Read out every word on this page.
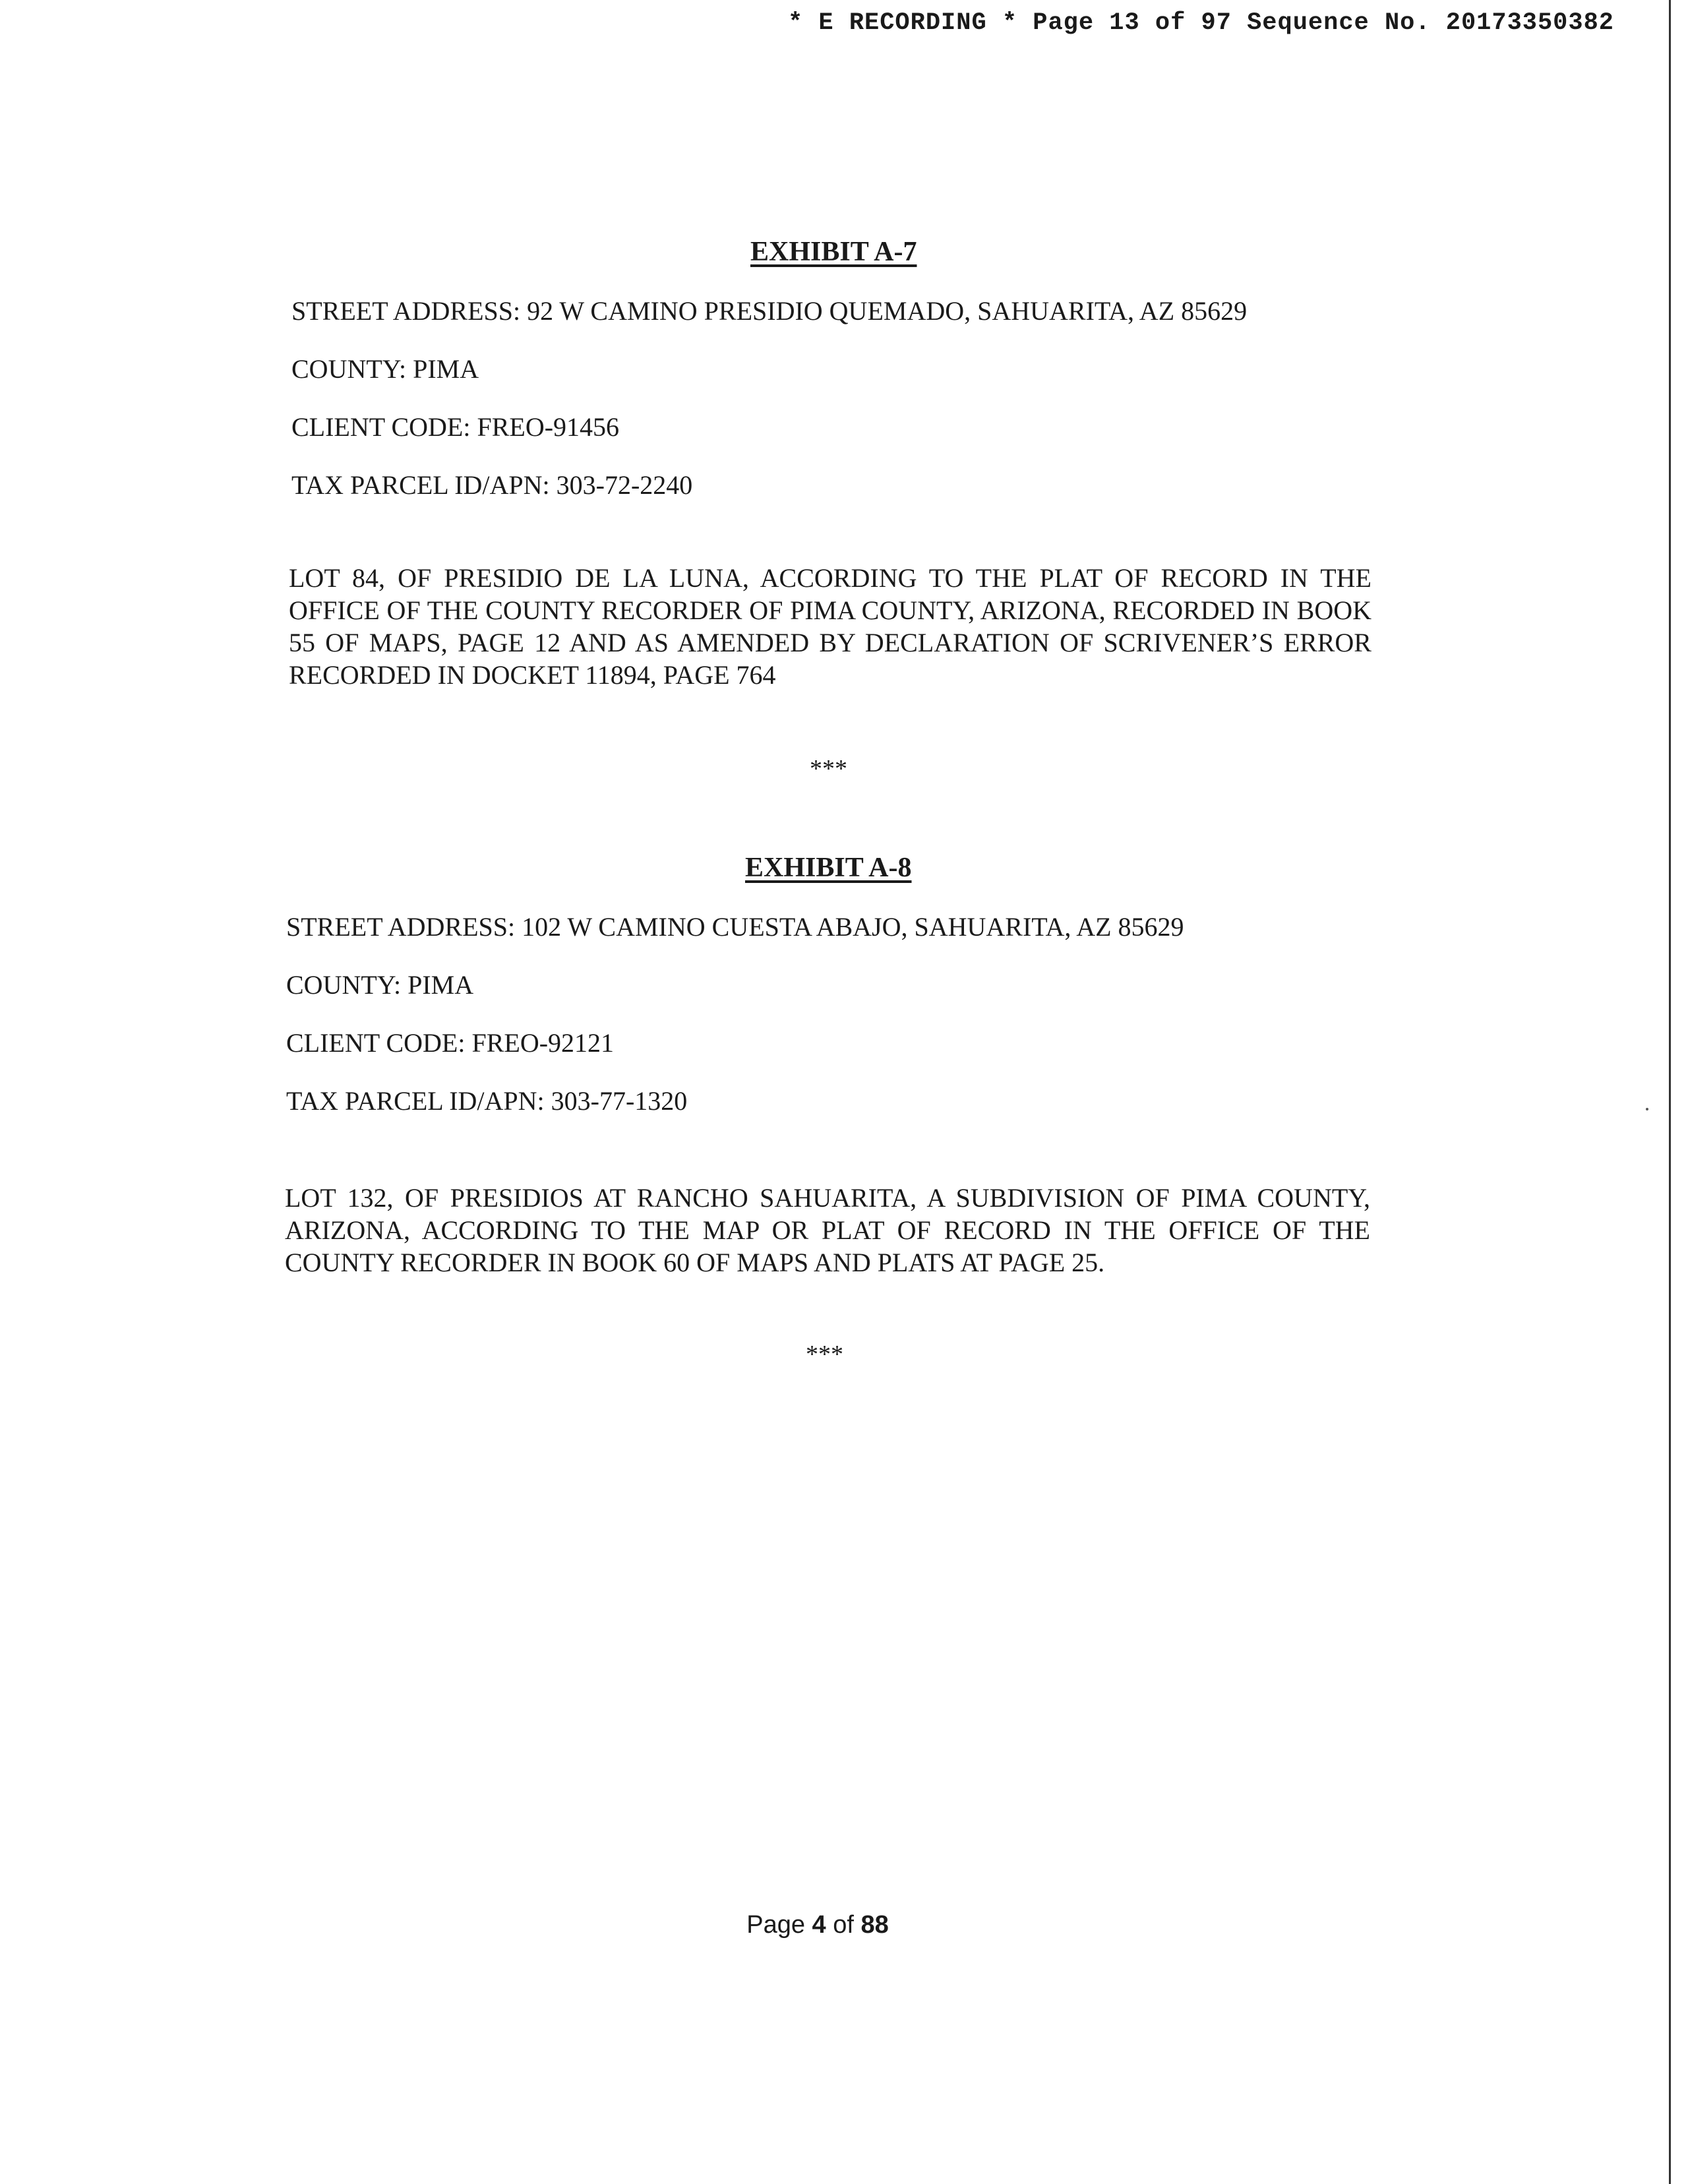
* E RECORDING * Page 13 of 97 Sequence No. 20173350382
EXHIBIT A-7
STREET ADDRESS: 92 W CAMINO PRESIDIO QUEMADO, SAHUARITA, AZ 85629
COUNTY: PIMA
CLIENT CODE: FREO-91456
TAX PARCEL ID/APN: 303-72-2240
LOT 84, OF PRESIDIO DE LA LUNA, ACCORDING TO THE PLAT OF RECORD IN THE OFFICE OF THE COUNTY RECORDER OF PIMA COUNTY, ARIZONA, RECORDED IN BOOK 55 OF MAPS, PAGE 12 AND AS AMENDED BY DECLARATION OF SCRIVENER’S ERROR RECORDED IN DOCKET 11894, PAGE 764
***
EXHIBIT A-8
STREET ADDRESS: 102 W CAMINO CUESTA ABAJO, SAHUARITA, AZ 85629
COUNTY: PIMA
CLIENT CODE: FREO-92121
TAX PARCEL ID/APN: 303-77-1320
LOT 132, OF PRESIDIOS AT RANCHO SAHUARITA, A SUBDIVISION OF PIMA COUNTY, ARIZONA, ACCORDING TO THE MAP OR PLAT OF RECORD IN THE OFFICE OF THE COUNTY RECORDER IN BOOK 60 OF MAPS AND PLATS AT PAGE 25.
***
Page 4 of 88
